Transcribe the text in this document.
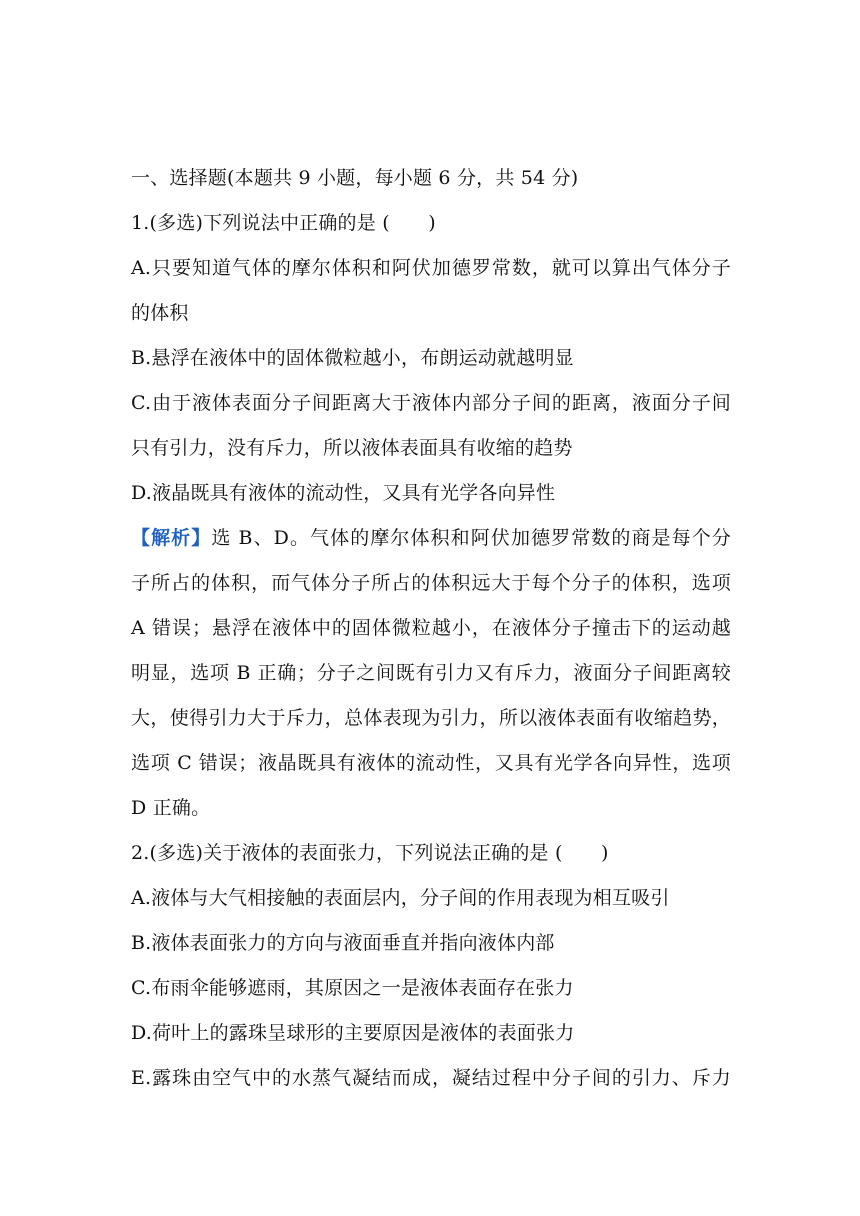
一、选择题(本题共 9 小题，每小题 6 分，共 54 分)
1.(多选)下列说法中正确的是 (　　)
A.只要知道气体的摩尔体积和阿伏加德罗常数，就可以算出气体分子
的体积
B.悬浮在液体中的固体微粒越小，布朗运动就越明显
C.由于液体表面分子间距离大于液体内部分子间的距离，液面分子间
只有引力，没有斥力，所以液体表面具有收缩的趋势
D.液晶既具有液体的流动性，又具有光学各向异性
【解析】选 B、D。气体的摩尔体积和阿伏加德罗常数的商是每个分
子所占的体积，而气体分子所占的体积远大于每个分子的体积，选项
A 错误；悬浮在液体中的固体微粒越小，在液体分子撞击下的运动越
明显，选项 B 正确；分子之间既有引力又有斥力，液面分子间距离较
大，使得引力大于斥力，总体表现为引力，所以液体表面有收缩趋势，
选项 C 错误；液晶既具有液体的流动性，又具有光学各向异性，选项
D 正确。
2.(多选)关于液体的表面张力，下列说法正确的是 (　　)
A.液体与大气相接触的表面层内，分子间的作用表现为相互吸引
B.液体表面张力的方向与液面垂直并指向液体内部
C.布雨伞能够遮雨，其原因之一是液体表面存在张力
D.荷叶上的露珠呈球形的主要原因是液体的表面张力
E.露珠由空气中的水蒸气凝结而成，凝结过程中分子间的引力、斥力
